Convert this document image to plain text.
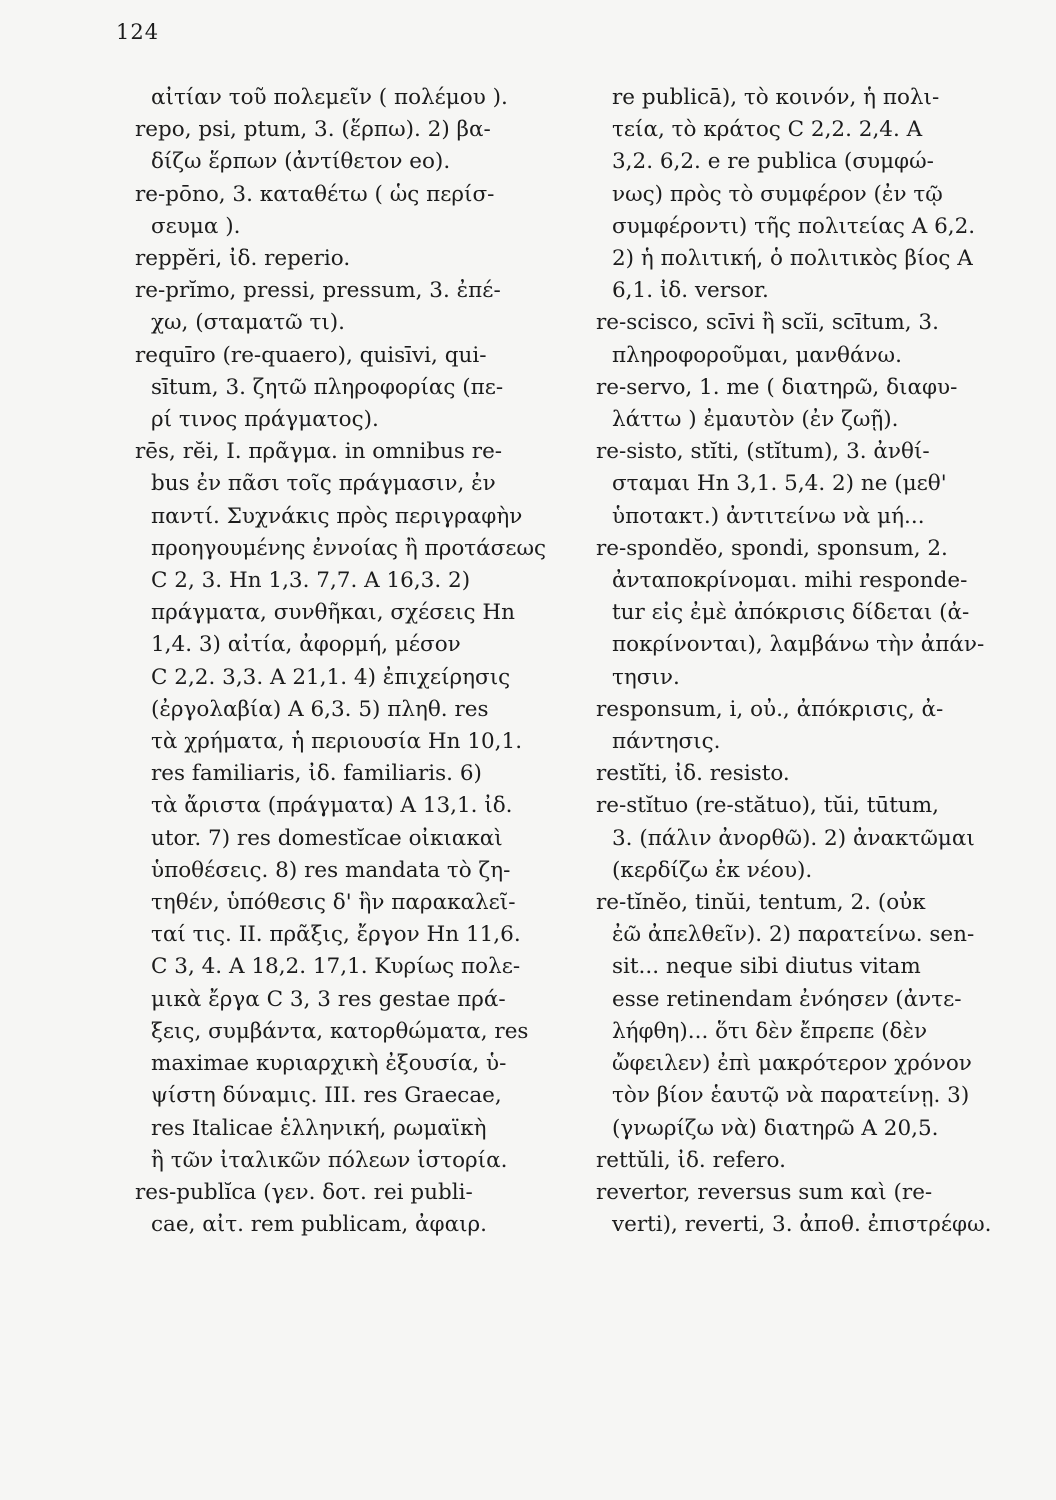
124
αἰτίαν τοῦ πολεμεῖν ( πολέμου ).
repo, psi, ptum, 3. (ἕρπω). 2) βα-
δίζω ἕρπων (ἀντίθετον eo).
re-pōno, 3. καταθέτω ( ὡς περίσ-
σευμα ).
reppĕri, ἰδ. reperio.
re-prĭmo, pressi, pressum, 3. ἐπέ-
χω, (σταματῶ τι).
requīro (re-quaero), quisīvi, qui-
sītum, 3. ζητῶ πληροφορίας (πε-
ρί τινος πράγματος).
rēs, rĕi, I. πρᾶγμα. in omnibus re-
bus ἐν πᾶσι τοῖς πράγμασιν, ἐν
παντί. Συχνάκις πρὸς περιγραφὴν
προηγουμένης ἐννοίας ἢ προτάσεως
C 2, 3. Hn 1,3. 7,7. A 16,3. 2)
πράγματα, συνθῆκαι, σχέσεις Hn
1,4. 3) αἰτία, ἀφορμή, μέσον
C 2,2. 3,3. A 21,1. 4) ἐπιχείρησις
(ἐργολαβία) A 6,3. 5) πληθ. res
τὰ χρήματα, ἡ περιουσία Hn 10,1.
res familiaris, ἰδ. familiaris. 6)
τὰ ἄριστα (πράγματα) A 13,1. ἰδ.
utor. 7) res domestĭcae οἰκιακαὶ
ὑποθέσεις. 8) res mandata τὸ ζη-
τηθέν, ὑπόθεσις δ' ἣν παρακαλεῖ-
ταί τις. II. πρᾶξις, ἔργον Hn 11,6.
C 3, 4. A 18,2. 17,1. Κυρίως πολε-
μικὰ ἔργα C 3, 3 res gestae πρά-
ξεις, συμβάντα, κατορθώματα, res
maximae κυριαρχικὴ ἐξουσία, ὑ-
ψίστη δύναμις. III. res Graecae,
res Italicae ἑλληνική, ρωμαϊκὴ
ἢ τῶν ἰταλικῶν πόλεων ἱστορία.
res-publĭca (γεν. δοτ. rei publi-
cae, αἰτ. rem publicam, ἀφαιρ.
re publicā), τὸ κοινόν, ἡ πολι-
τεία, τὸ κράτος C 2,2. 2,4. A
3,2. 6,2. e re publica (συμφώ-
νως) πρὸς τὸ συμφέρον (ἐν τῷ
συμφέροντι) τῆς πολιτείας A 6,2.
2) ἡ πολιτική, ὁ πολιτικὸς βίος A
6,1. ἰδ. versor.
re-scisco, scīvi ἢ scĭi, scītum, 3.
πληροφοροῦμαι, μανθάνω.
re-servo, 1. me ( διατηρῶ, διαφυ-
λάττω ) ἐμαυτὸν (ἐν ζωῇ).
re-sisto, stĭti, (stĭtum), 3. ἀνθί-
σταμαι Hn 3,1. 5,4. 2) ne (μεθ'
ὑποτακτ.) ἀντιτείνω νὰ μή...
re-spondĕo, spondi, sponsum, 2.
ἀνταποκρίνομαι. mihi responde-
tur εἰς ἐμὲ ἀπόκρισις δίδεται (ἀ-
ποκρίνονται), λαμβάνω τὴν ἀπάν-
τησιν.
responsum, i, οὐ., ἀπόκρισις, ἀ-
πάντησις.
restĭti, ἰδ. resisto.
re-stĭtuo (re-stătuo), tŭi, tūtum,
3. (πάλιν ἀνορθῶ). 2) ἀνακτῶμαι
(κερδίζω ἐκ νέου).
re-tĭnĕo, tinŭi, tentum, 2. (οὐκ
ἐῶ ἀπελθεῖν). 2) παρατείνω. sen-
sit... neque sibi diutus vitam
esse retinendam ἐνόησεν (ἀντε-
λήφθη)... ὅτι δὲν ἔπρεπε (δὲν
ὤφειλεν) ἐπὶ μακρότερον χρόνον
τὸν βίον ἑαυτῷ νὰ παρατείνῃ. 3)
(γνωρίζω νὰ) διατηρῶ A 20,5.
rettŭli, ἰδ. refero.
revertor, reversus sum καὶ (re-
verti), reverti, 3. ἀποθ. ἐπιστρέφω.
